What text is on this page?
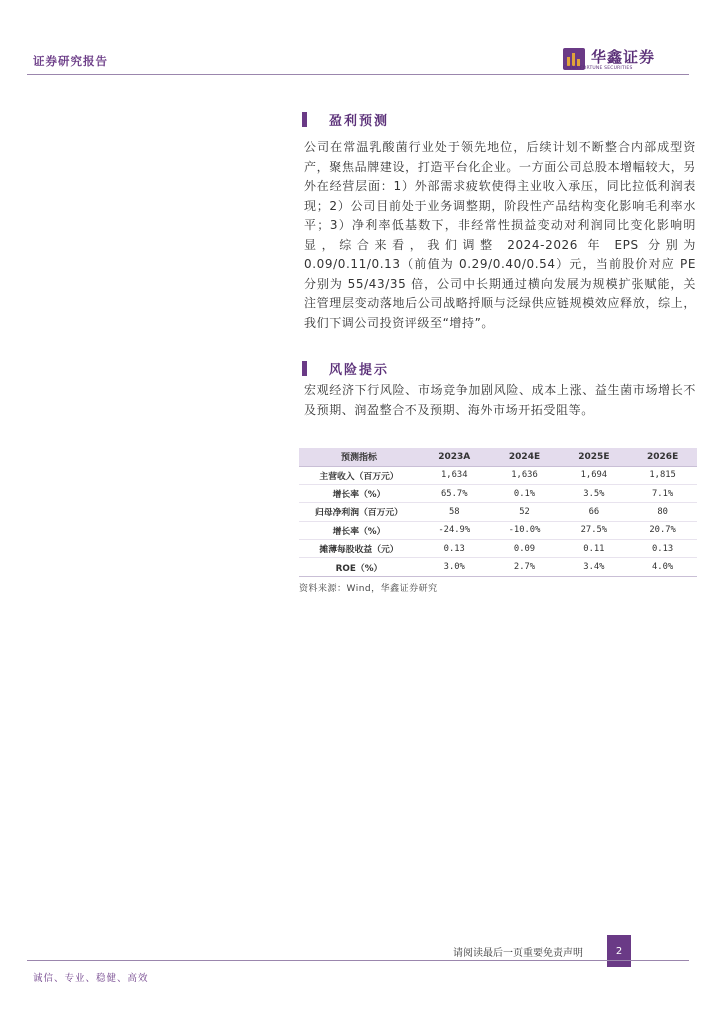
证券研究报告	华鑫证券
CHINA FORTUNE SECURITIES
盈利预测
公司在常温乳酸菌行业处于领先地位，后续计划不断整合内部成型资产，聚焦品牌建设，打造平台化企业。一方面公司总股本增幅较大，另外在经营层面：1）外部需求疲软使得主业收入承压，同比拉低利润表现；2）公司目前处于业务调整期，阶段性产品结构变化影响毛利率水平；3）净利率低基数下，非经常性损益变动对利润同比变化影响明显，综合来看，我们调整 2024-2026 年 EPS 分别为 0.09/0.11/0.13（前值为 0.29/0.40/0.54）元，当前股价对应 PE 分别为 55/43/35 倍，公司中长期通过横向发展为规模扩张赋能，关注管理层变动落地后公司战略捋顺与泛绿供应链规模效应释放，综上，我们下调公司投资评级至“增持”。
风险提示
宏观经济下行风险、市场竞争加剧风险、成本上涨、益生菌市场增长不及预期、润盈整合不及预期、海外市场开拓受阻等。
预测指标	2023A	2024E	2025E	2026E
主营收入（百万元）	1,634	1,636	1,694	1,815
增长率（%）	65.7%	0.1%	3.5%	7.1%
归母净利润（百万元）	58	52	66	80
增长率（%）	-24.9%	-10.0%	27.5%	20.7%
摊薄每股收益（元）	0.13	0.09	0.11	0.13
ROE（%）	3.0%	2.7%	3.4%	4.0%
资料来源：Wind，华鑫证券研究
请阅读最后一页重要免责声明	2
诚信、专业、稳健、高效
